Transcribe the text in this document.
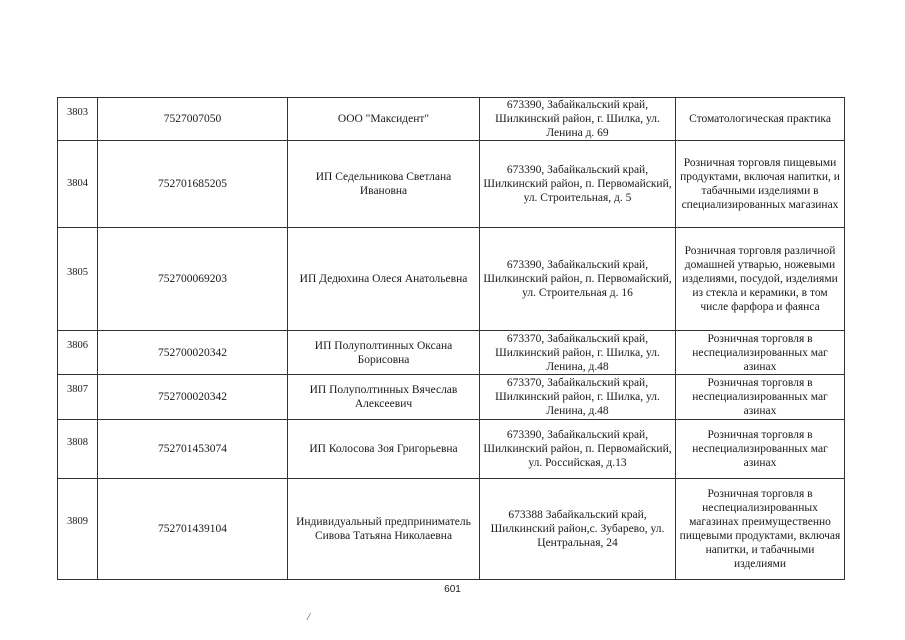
3803	7527007050	ООО "Максидент"	673390, Забайкальский край, Шилкинский район, г. Шилка, ул. Ленина д. 69	Стоматологическая практика
3804	752701685205	ИП Седельникова Светлана Ивановна	673390, Забайкальский край, Шилкинский район, п. Первомайский, ул. Строительная, д. 5	Розничная торговля пищевыми продуктами, включая напитки, и табачными изделиями в специализированных магазинах
3805	752700069203	ИП Дедюхина Олеся Анатольевна	673390, Забайкальский край, Шилкинский район, п. Первомайский, ул. Строительная д. 16	Розничная торговля различной домашней утварью, ножевыми изделиями, посудой, изделиями из стекла и керамики, в том числе фарфора и фаянса
3806	752700020342	ИП Полуполтинных Оксана Борисовна	673370, Забайкальский край, Шилкинский район, г. Шилка, ул. Ленина, д.48	Розничная торговля в неспециализированных маг азинах
3807	752700020342	ИП Полуполтинных Вячеслав Алексеевич	673370, Забайкальский край, Шилкинский район, г. Шилка, ул. Ленина, д.48	Розничная торговля в неспециализированных маг азинах
3808	752701453074	ИП Колосова Зоя Григорьевна	673390, Забайкальский край, Шилкинский район, п. Первомайский, ул. Российская, д.13	Розничная торговля в неспециализированных маг азинах
3809	752701439104	Индивидуальный предприниматель Сивова Татьяна Николаевна	673388 Забайкальский край, Шилкинский район,с. Зубарево, ул. Центральная, 24	Розничная торговля в неспециализированных магазинах преимущественно пищевыми продуктами, включая напитки, и табачными изделиями
601
/
